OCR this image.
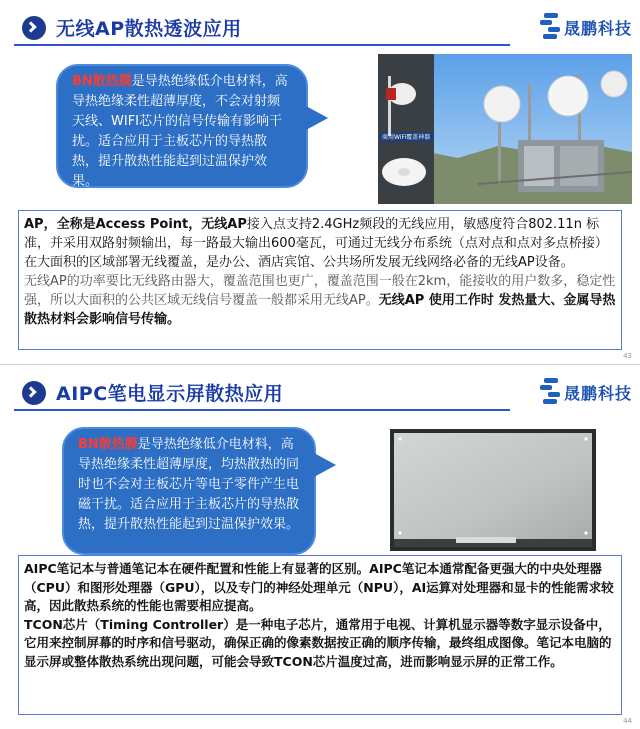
无线AP散热透波应用	晟鹏科技
BN散热膜是导热绝缘低介电材料，高导热绝缘柔性超薄厚度，不会对射频天线、WIFI芯片的信号传输有影响干扰。适合应用于主板芯片的导热散热，提升散热性能起到过温保护效果。
商用WiFi覆盖神器
AP，全称是Access Point，无线AP接入点支持2.4GHz频段的无线应用，敏感度符合802.11n 标准，并采用双路射频输出，每一路最大输出600毫瓦，可通过无线分布系统（点对点和点对多点桥接）在大面积的区域部署无线覆盖，是办公、酒店宾馆、公共场所发展无线网络必备的无线AP设备。
无线AP的功率要比无线路由器大，覆盖范围也更广，覆盖范围一般在2km，能接收的用户数多，稳定性强，所以大面积的公共区域无线信号覆盖一般都采用无线AP。无线AP 使用工作时 发热量大、金属导热散热材料会影响信号传输。
43
AIPC笔电显示屏散热应用	晟鹏科技
BN散热膜是导热绝缘低介电材料，高导热绝缘柔性超薄厚度，均热散热的同时也不会对主板芯片等电子零件产生电磁干扰。适合应用于主板芯片的导热散热，提升散热性能起到过温保护效果。
AIPC笔记本与普通笔记本在硬件配置和性能上有显著的区别。AIPC笔记本通常配备更强大的中央处理器（CPU）和图形处理器（GPU），以及专门的神经处理单元（NPU），AI运算对处理器和显卡的性能需求较高，因此散热系统的性能也需要相应提高。
TCON芯片（Timing Controller）是一种电子芯片，通常用于电视、计算机显示器等数字显示设备中，它用来控制屏幕的时序和信号驱动，确保正确的像素数据按正确的顺序传输，最终组成图像。笔记本电脑的显示屏或整体散热系统出现问题，可能会导致TCON芯片温度过高，进而影响显示屏的正常工作。
44
